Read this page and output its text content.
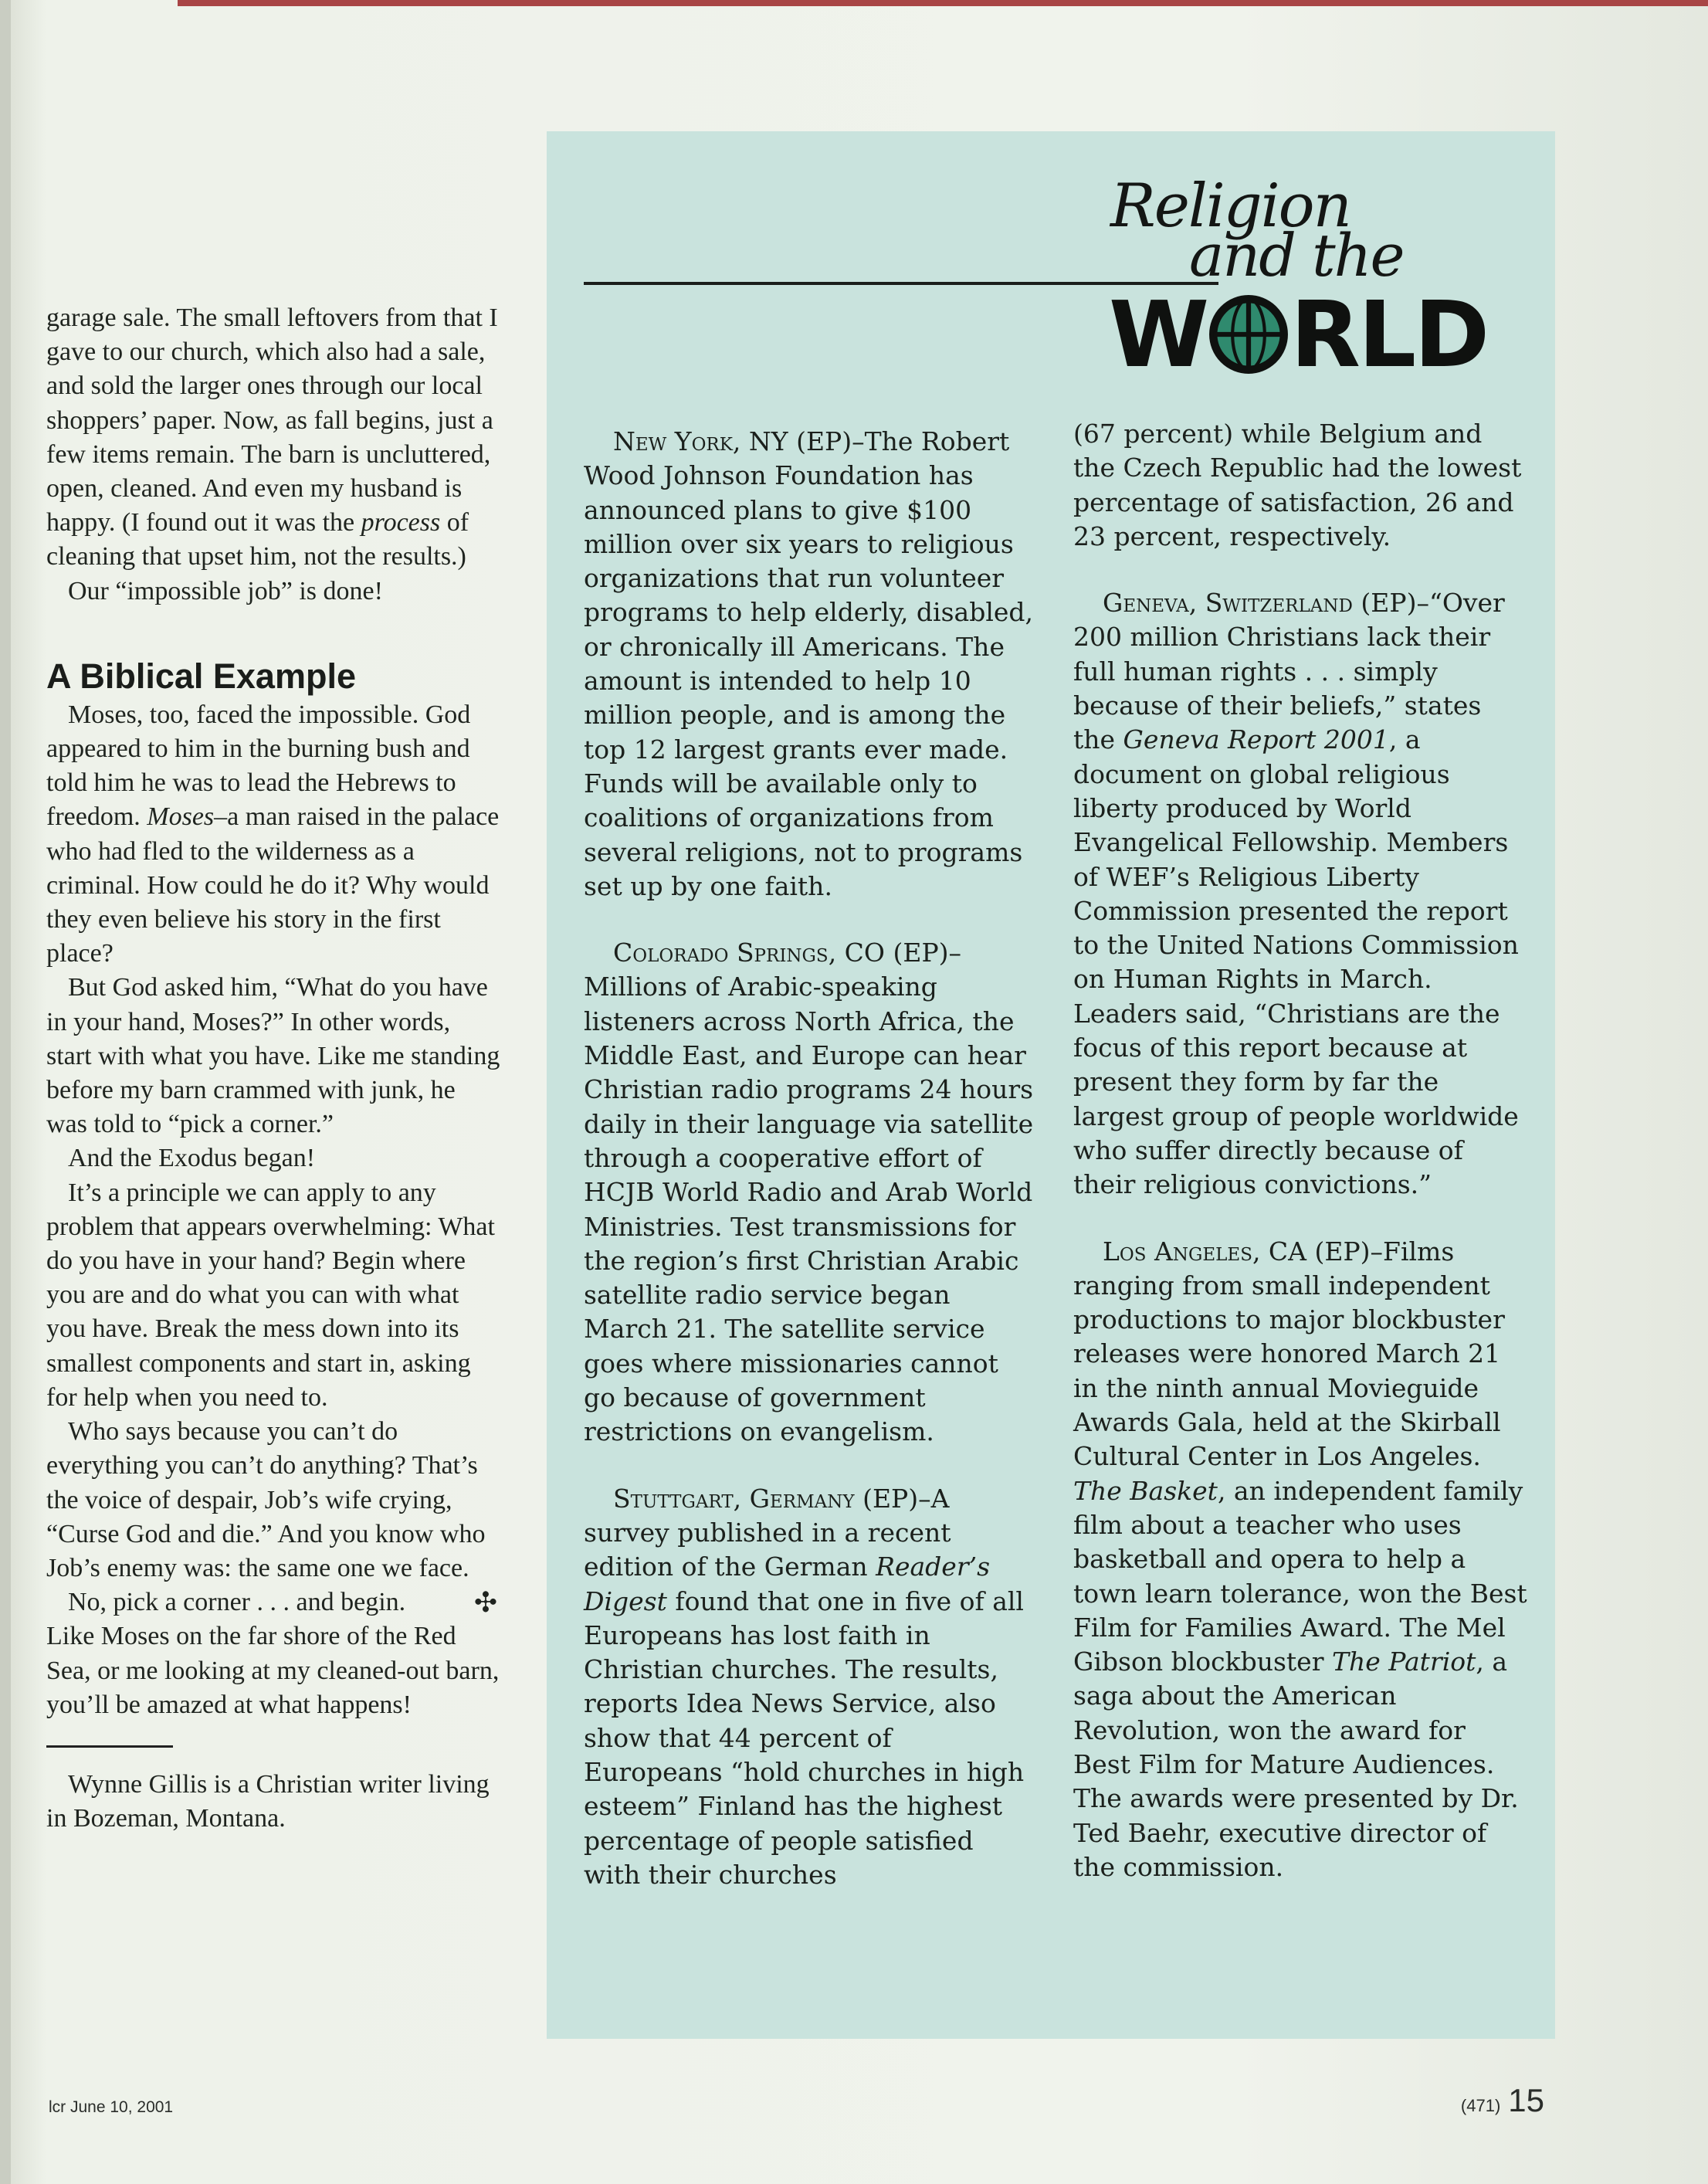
garage sale. The small leftovers from that I gave to our church, which also had a sale, and sold the larger ones through our local shoppers’ paper. Now, as fall begins, just a few items remain. The barn is uncluttered, open, cleaned. And even my husband is happy. (I found out it was the process of cleaning that upset him, not the results.)

Our “impossible job” is done!

A Biblical Example

Moses, too, faced the impossible. God appeared to him in the burning bush and told him he was to lead the Hebrews to freedom. Moses–a man raised in the palace who had fled to the wilderness as a criminal. How could he do it? Why would they even believe his story in the first place?

But God asked him, “What do you have in your hand, Moses?” In other words, start with what you have. Like me standing before my barn crammed with junk, he was told to “pick a corner.”

And the Exodus began!

It’s a principle we can apply to any problem that appears overwhelming: What do you have in your hand? Begin where you are and do what you can with what you have. Break the mess down into its smallest components and start in, asking for help when you need to.

Who says because you can’t do everything you can’t do anything? That’s the voice of despair, Job’s wife crying, “Curse God and die.” And you know who Job’s enemy was: the same one we face.

✣
No, pick a corner . . . and begin. Like Moses on the far shore of the Red Sea, or me looking at my cleaned-out barn, you’ll be amazed at what happens!

Wynne Gillis is a Christian writer living in Bozeman, Montana.

Religion
and the
W RLD

New York, NY (EP)–The Robert Wood Johnson Foundation has announced plans to give $100 million over six years to religious organizations that run volunteer programs to help elderly, disabled, or chronically ill Americans. The amount is intended to help 10 million people, and is among the top 12 largest grants ever made. Funds will be available only to coalitions of organizations from several religions, not to programs set up by one faith.

Colorado Springs, CO (EP)–Millions of Arabic-speaking listeners across North Africa, the Middle East, and Europe can hear Christian radio programs 24 hours daily in their language via satellite through a cooperative effort of HCJB World Radio and Arab World Ministries. Test transmissions for the region’s first Christian Arabic satellite radio service began March 21. The satellite service goes where missionaries cannot go because of government restrictions on evangelism.

Stuttgart, Germany (EP)–A survey published in a recent edition of the German Reader’s Digest found that one in five of all Europeans has lost faith in Christian churches. The results, reports Idea News Service, also show that 44 percent of Europeans “hold churches in high esteem” Finland has the highest percentage of people satisfied with their churches

(67 percent) while Belgium and the Czech Republic had the lowest percentage of satisfaction, 26 and 23 percent, respectively.

Geneva, Switzerland (EP)–“Over 200 million Christians lack their full human rights . . . simply because of their beliefs,” states the Geneva Report 2001, a document on global religious liberty produced by World Evangelical Fellowship. Members of WEF’s Religious Liberty Commission presented the report to the United Nations Commission on Human Rights in March. Leaders said, “Christians are the focus of this report because at present they form by far the largest group of people worldwide who suffer directly because of their religious convictions.”

Los Angeles, CA (EP)–Films ranging from small independent productions to major blockbuster releases were honored March 21 in the ninth annual Movieguide Awards Gala, held at the Skirball Cultural Center in Los Angeles. The Basket, an independent family film about a teacher who uses basketball and opera to help a town learn tolerance, won the Best Film for Families Award. The Mel Gibson blockbuster The Patriot, a saga about the American Revolution, won the award for Best Film for Mature Audiences. The awards were presented by Dr. Ted Baehr, executive director of the commission.

lcr June 10, 2001	(471) 15
